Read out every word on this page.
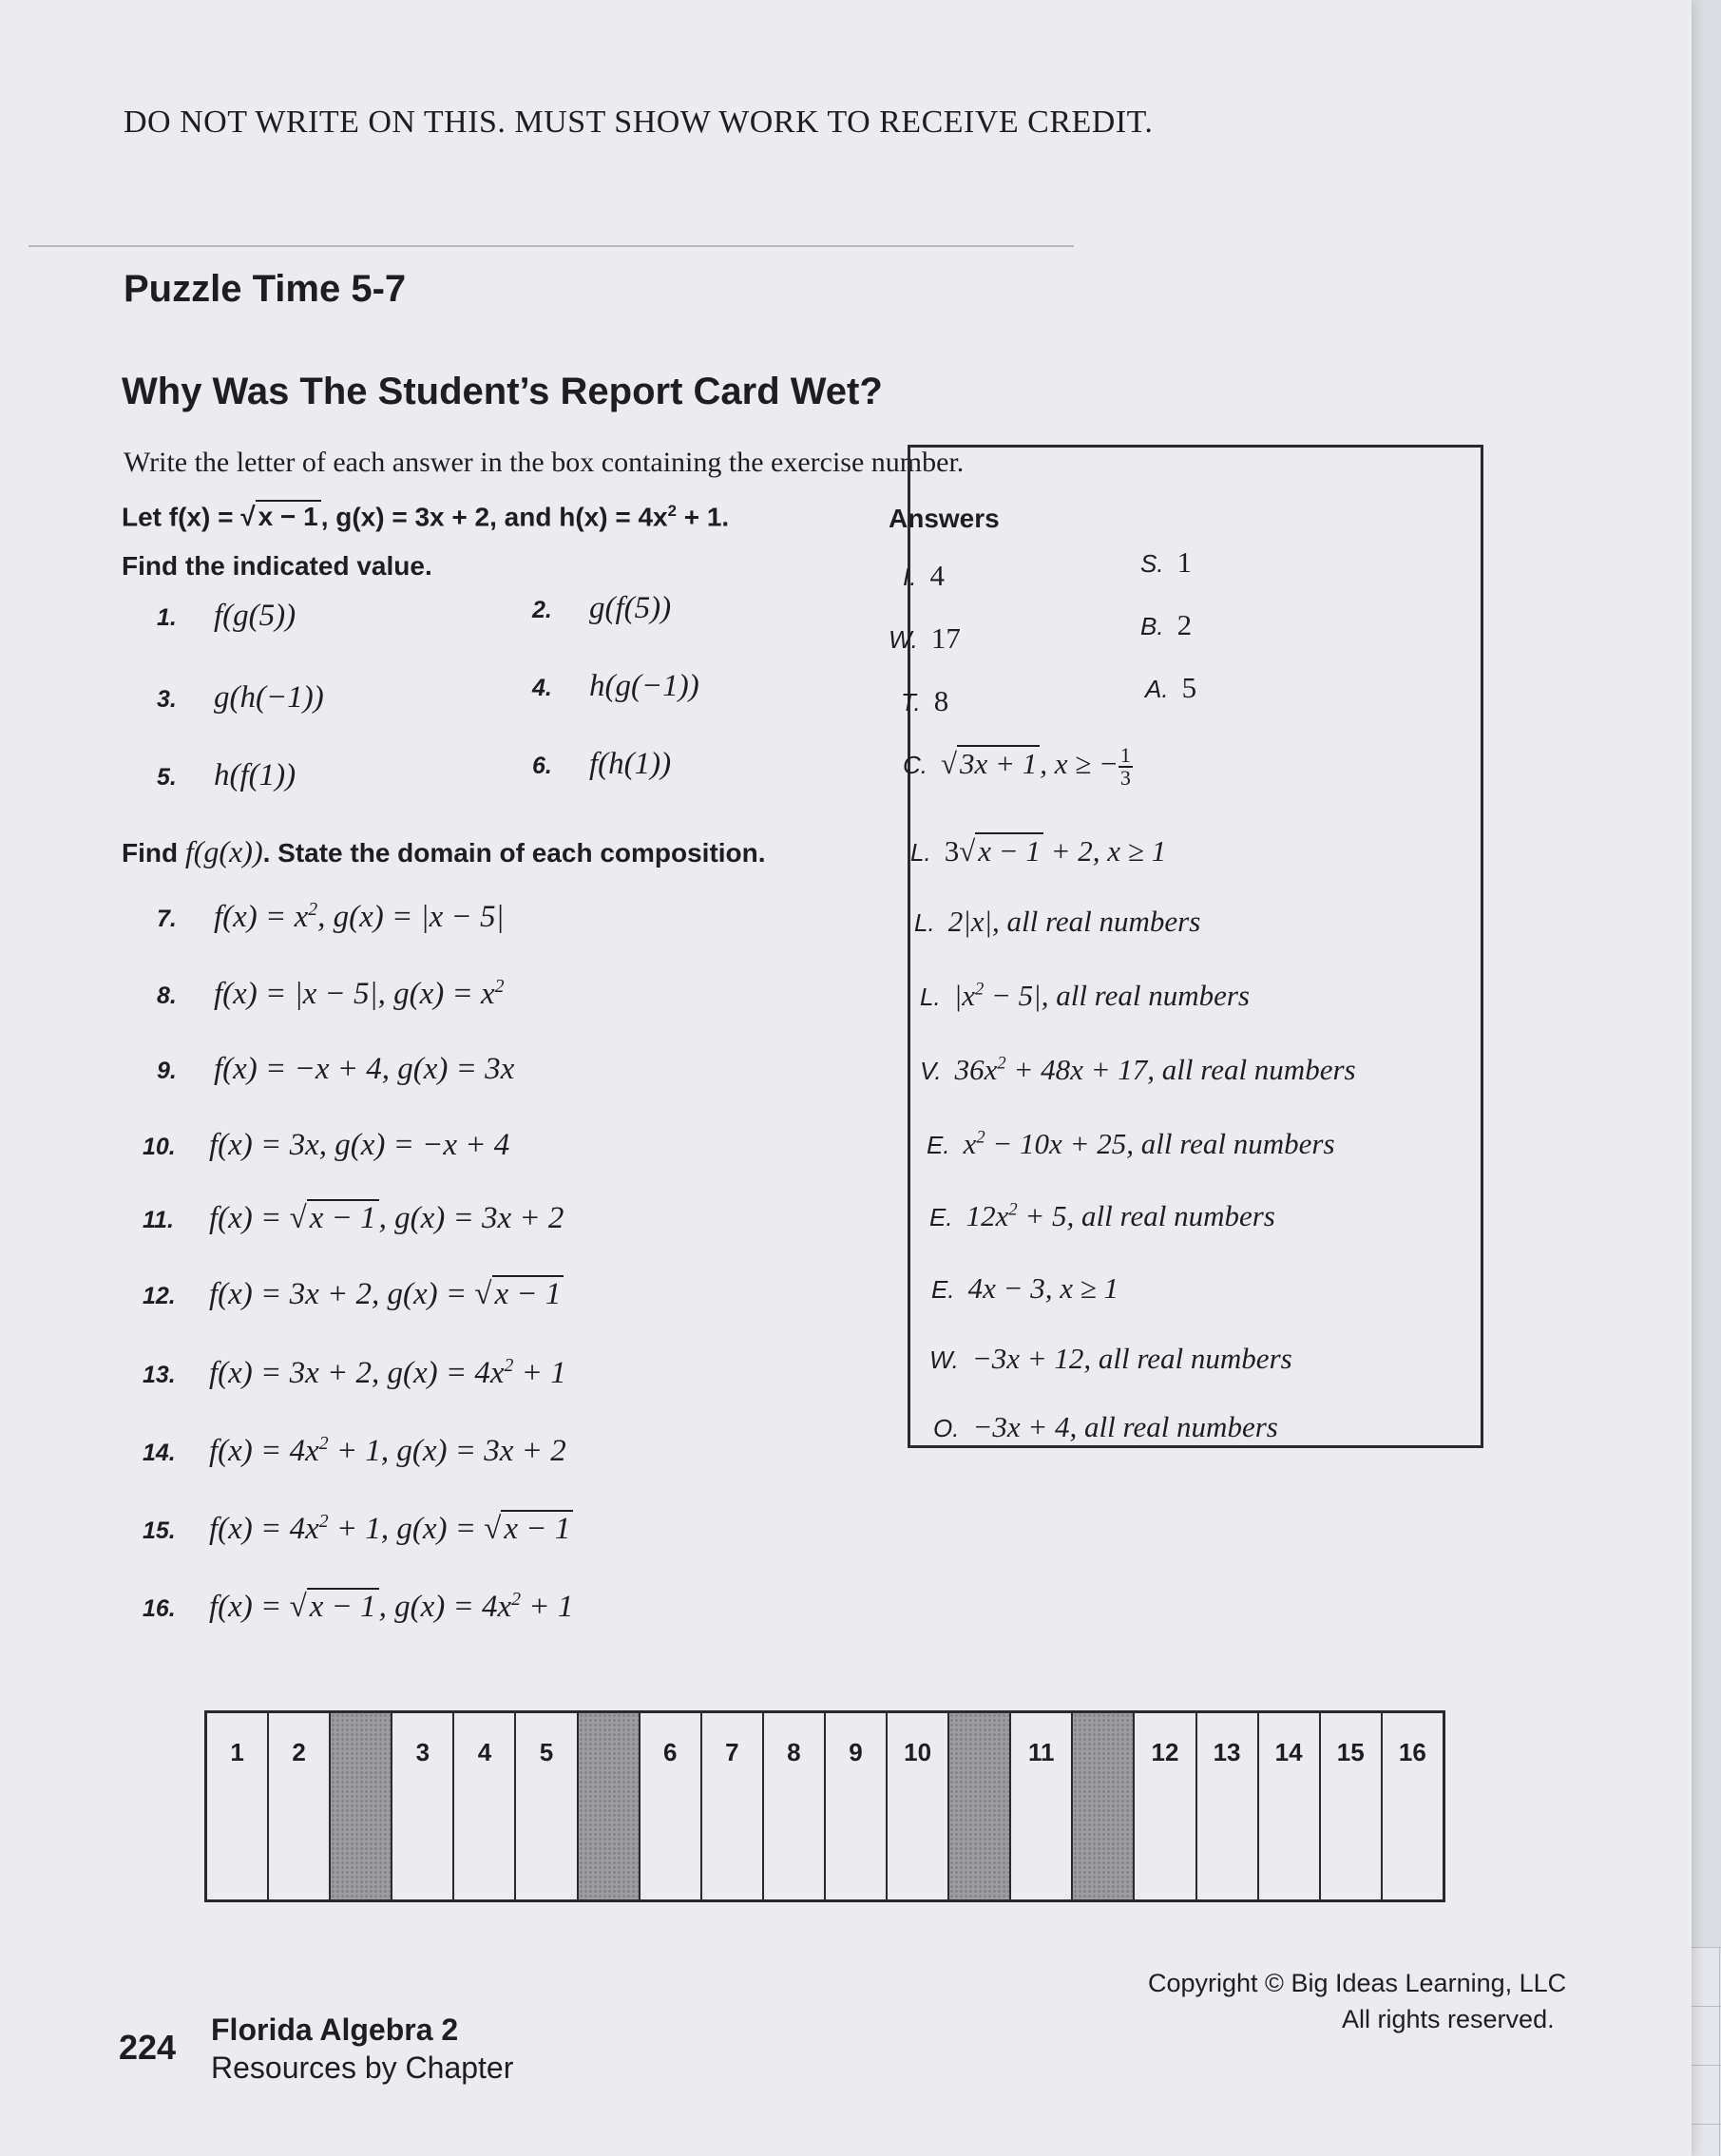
DO NOT WRITE ON THIS. MUST SHOW WORK TO RECEIVE CREDIT.
Puzzle Time 5-7
Why Was The Student’s Report Card Wet?
Write the letter of each answer in the box containing the exercise number.
Let f(x) = √ x − 1 , g(x) = 3x + 2, and $h(x) = 4x^2 + 1$.
Find the indicated value.
1. f(g(5))	2. g(f(5))
3. g(h(−1))	4. h(g(−1))
5. h(f(1))	6. f(h(1))
Find f(g(x)). State the domain of each composition.
7. $f(x) = x^2$, g(x) = |x − 5|
8. f(x) = |x − 5|, $g(x) = x^2$
9. f(x) = −x + 4, g(x) = 3x
10. f(x) = 3x, g(x) = −x + 4
11. f(x) = √x − 1, g(x) = 3x + 2
12. f(x) = 3x + 2, g(x) = √x − 1
13. f(x) = 3x + 2, $g(x) = 4x^2 + 1$
14. $f(x) = 4x^2 + 1$, g(x) = 3x + 2
15. $f(x) = 4x^2 + 1$, g(x) = √x − 1
16. f(x) = √x − 1, $g(x) = 4x^2 + 1$
Answers
I. 4	S. 1
W. 17	B. 2
T. 8	A. 5
C. √3x + 1, x ≥ − $\frac{1}{3}$
L. 3√x − 1 + 2, x ≥ 1
L. 2|x|, all real numbers
L. $|x^2 - 5|$, all real numbers
V. $36x^2 + 48x + 17$, all real numbers
E. $x^2 - 10x + 25$, all real numbers
E. $12x^2 + 5$, all real numbers
E. 4x − 3, x ≥ 1
W. −3x + 12, all real numbers
O. −3x + 4, all real numbers
1	2	3	4	5	6	7	8	9	10	11	12	13	14	15	16
224 Florida Algebra 2
Resources by Chapter
Copyright © Big Ideas Learning, LLC
All rights reserved.
